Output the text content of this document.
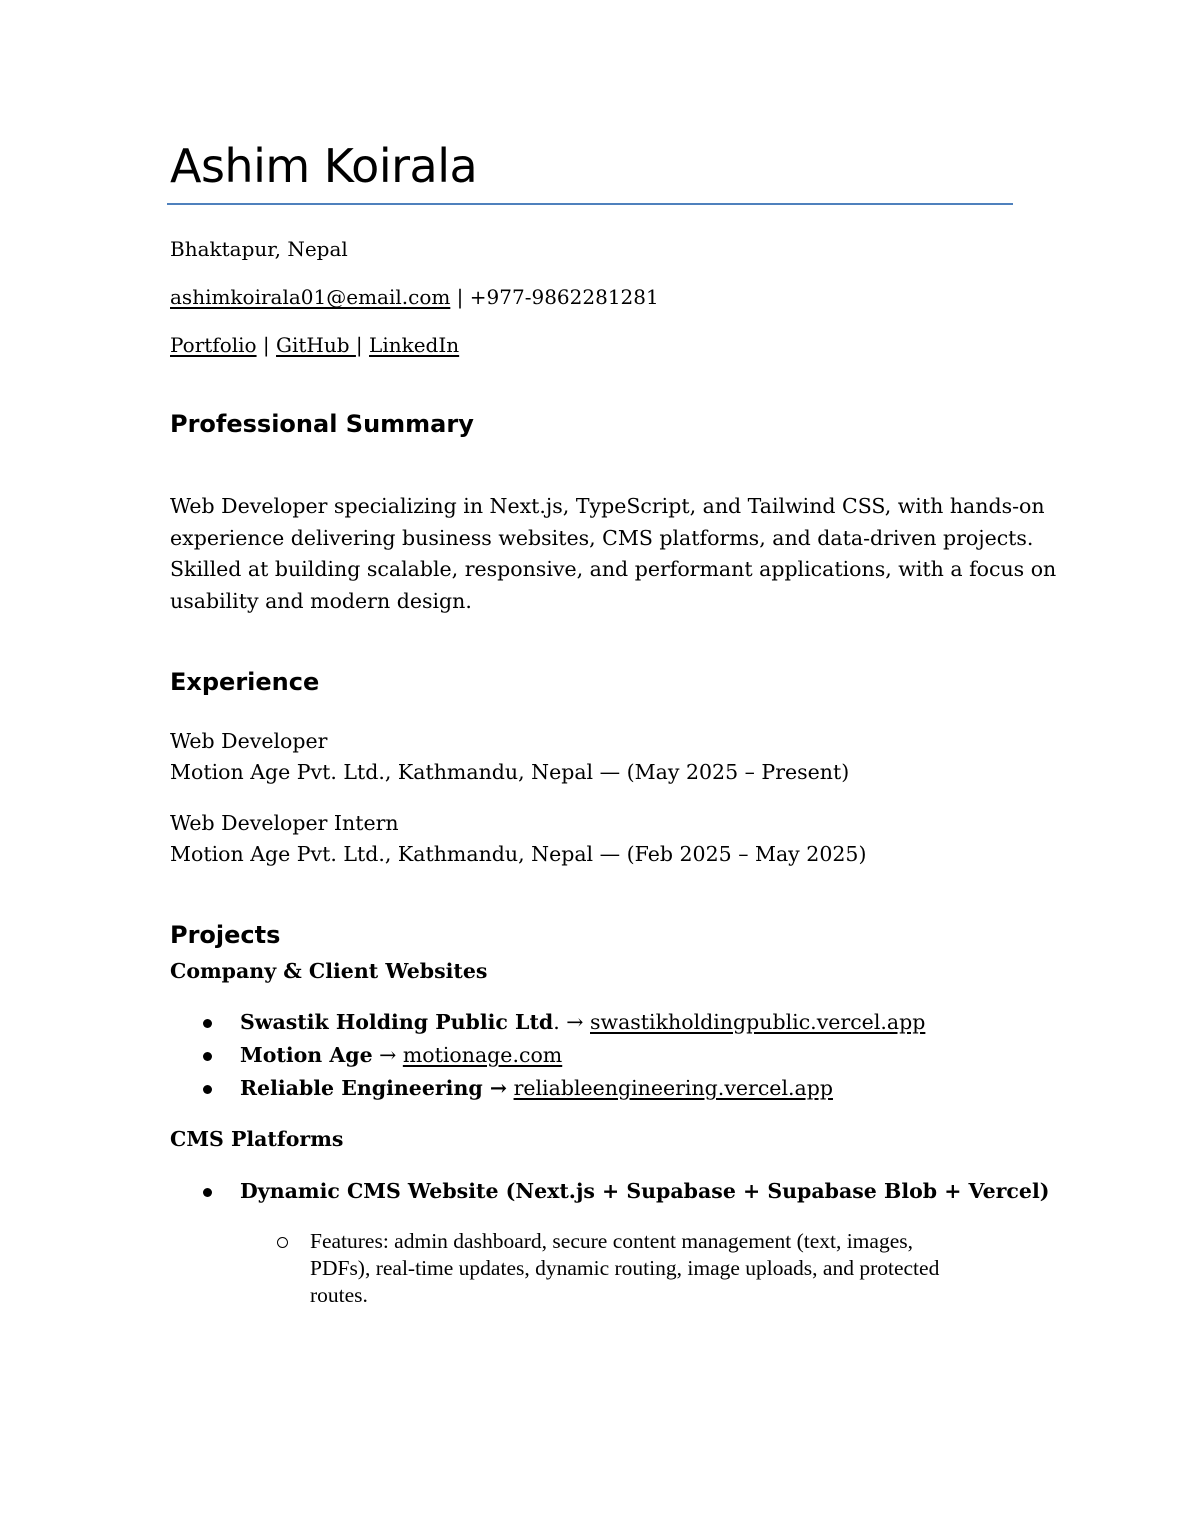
Ashim Koirala
Bhaktapur, Nepal
ashimkoirala01@email.com | +977-9862281281
Portfolio | GitHub | LinkedIn
Professional Summary
Web Developer specializing in Next.js, TypeScript, and Tailwind CSS, with hands-on
experience delivering business websites, CMS platforms, and data-driven projects.
Skilled at building scalable, responsive, and performant applications, with a focus on
usability and modern design.
Experience
Web Developer
Motion Age Pvt. Ltd., Kathmandu, Nepal — (May 2025 – Present)
Web Developer Intern
Motion Age Pvt. Ltd., Kathmandu, Nepal — (Feb 2025 – May 2025)
Projects
Company & Client Websites
Swastik Holding Public Ltd. → swastikholdingpublic.vercel.app
Motion Age → motionage.com
Reliable Engineering → reliableengineering.vercel.app
CMS Platforms
Dynamic CMS Website (Next.js + Supabase + Supabase Blob + Vercel)
Features: admin dashboard, secure content management (text, images,
PDFs), real-time updates, dynamic routing, image uploads, and protected
routes.
